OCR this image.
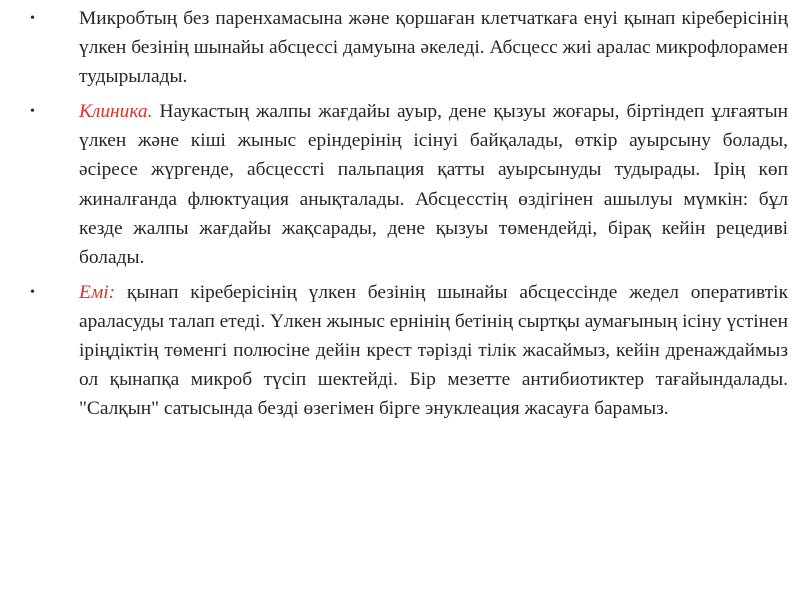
• Микробтың без паренхамасына және қоршаған клетчаткаға енуі қынап кіреберісінің үлкен безінің шынайы абсцессі дамуына әкеледі. Абсцесс жиі аралас микрофлорамен тудырылады.
• Клиника. Наукастың жалпы жағдайы ауыр, дене қызуы жоғары, біртіндеп ұлғаятын үлкен және кіші жыныс еріндерінің ісінуі байқалады, өткір ауырсыну болады, әсіресе жүргенде, абсцессті пальпация қатты ауырсынуды тудырады. Ірің көп жиналғанда флюктуация анықталады. Абсцесстің өздігінен ашылуы мүмкін: бұл кезде жалпы жағдайы жақсарады, дене қызуы төмендейді, бірақ кейін рецедиві болады.
• Емі: қынап кіреберісінің үлкен безінің шынайы абсцессінде жедел оперативтік араласуды талап етеді. Үлкен жыныс ернінің бетінің сыртқы аумағының ісіну үстінен іріңдіктің төменгі полюсіне дейін крест тәрізді тілік жасаймыз, кейін дренаждаймыз ол қынапқа микроб түсіп шектейді. Бір мезетте антибиотиктер тағайындалады. "Салқын" сатысында безді өзегімен бірге энуклеация жасауға барамыз.
